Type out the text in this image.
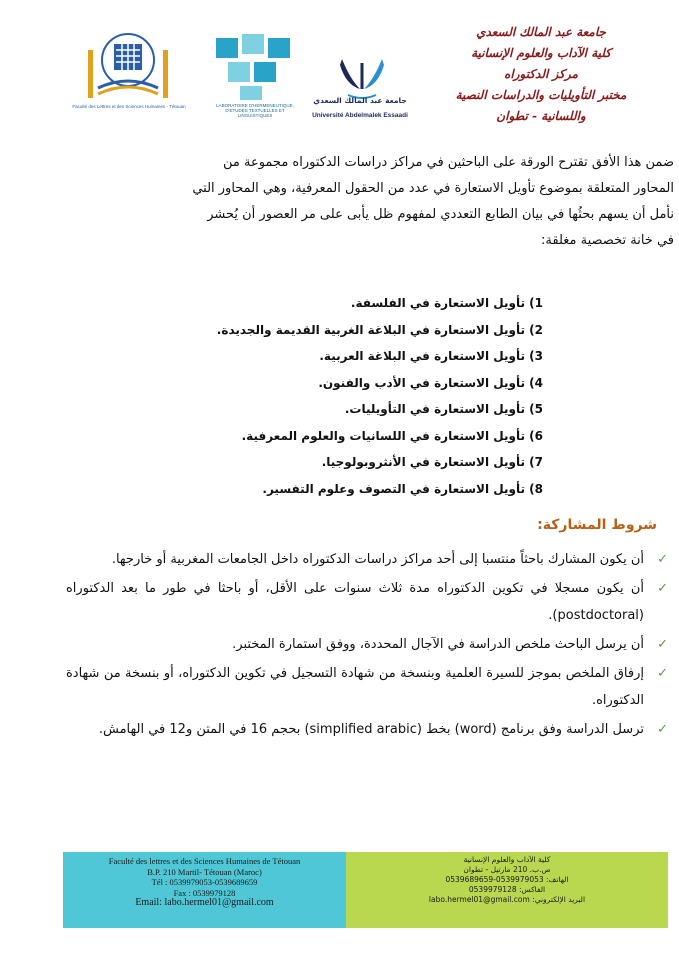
Faculté des Lettres et des Sciences Humaines - Tétouan	LABORATOIRE D'HERMENEUTIQUE, D'ETUDES TEXTUELLES ET LINGUISTIQUES
جامعة عبد المالك السعدي
Université Abdelmalek Essaadi
جامعة عبد المالك السعدي
كلية الآداب والعلوم الإنسانية
مركز الدكتوراه
مختبر التأويليات والدراسات النصية
واللسانية - تطوان

ضمن هذا الأفق تقترح الورقة على الباحثين في مراكز دراسات الدكتوراه مجموعة من

المحاور المتعلقة بموضوع تأويل الاستعارة في عدد من الحقول المعرفية، وهي المحاور التي

نأمل أن يسهم بحثُها في بيان الطابع التعددي لمفهوم ظل يأبى على مر العصور أن يُحشر

في خانة تخصصية مغلقة:

1) تأويل الاستعارة في الفلسفة.
2) تأويل الاستعارة في البلاغة الغربية القديمة والجديدة.
3) تأويل الاستعارة في البلاغة العربية.
4) تأويل الاستعارة في الأدب والفنون.
5) تأويل الاستعارة في التأويليات.
6) تأويل الاستعارة في اللسانيات والعلوم المعرفية.
7) تأويل الاستعارة في الأنثروبولوجيا.
8) تأويل الاستعارة في التصوف وعلوم التفسير.
شروط المشاركة:
✓
أن يكون المشارك باحثاً منتسبا إلى أحد مراكز دراسات الدكتوراه داخل الجامعات المغربية أو خارجها.
✓
أن يكون مسجلا في تكوين الدكتوراه مدة ثلاث سنوات على الأقل، أو باحثا في طور ما بعد الدكتوراه (postdoctoral).
✓
أن يرسل الباحث ملخص الدراسة في الآجال المحددة، ووفق استمارة المختبر.
✓
إرفاق الملخص بموجز للسيرة العلمية وبنسخة من شهادة التسجيل في تكوين الدكتوراه، أو بنسخة من شهادة الدكتوراه.
✓
ترسل الدراسة وفق برنامج (word) بخط (simplified arabic) بحجم 16 في المتن و12 في الهامش.
Faculté des lettres et des Sciences Humaines de Tétouan
B.P. 210 Martil- Tétouan (Maroc)
Tél : 0539979053-0539689659
Fax : 0539979128
Email: labo.hermel01@gmail.com
كلية الآداب والعلوم الإنسانية
ص.ب. 210 مارتيل - تطوان
الهاتف: 0539979053-0539689659
الفاكس: 0539979128
البريد الإلكتروني: labo.hermel01@gmail.com
